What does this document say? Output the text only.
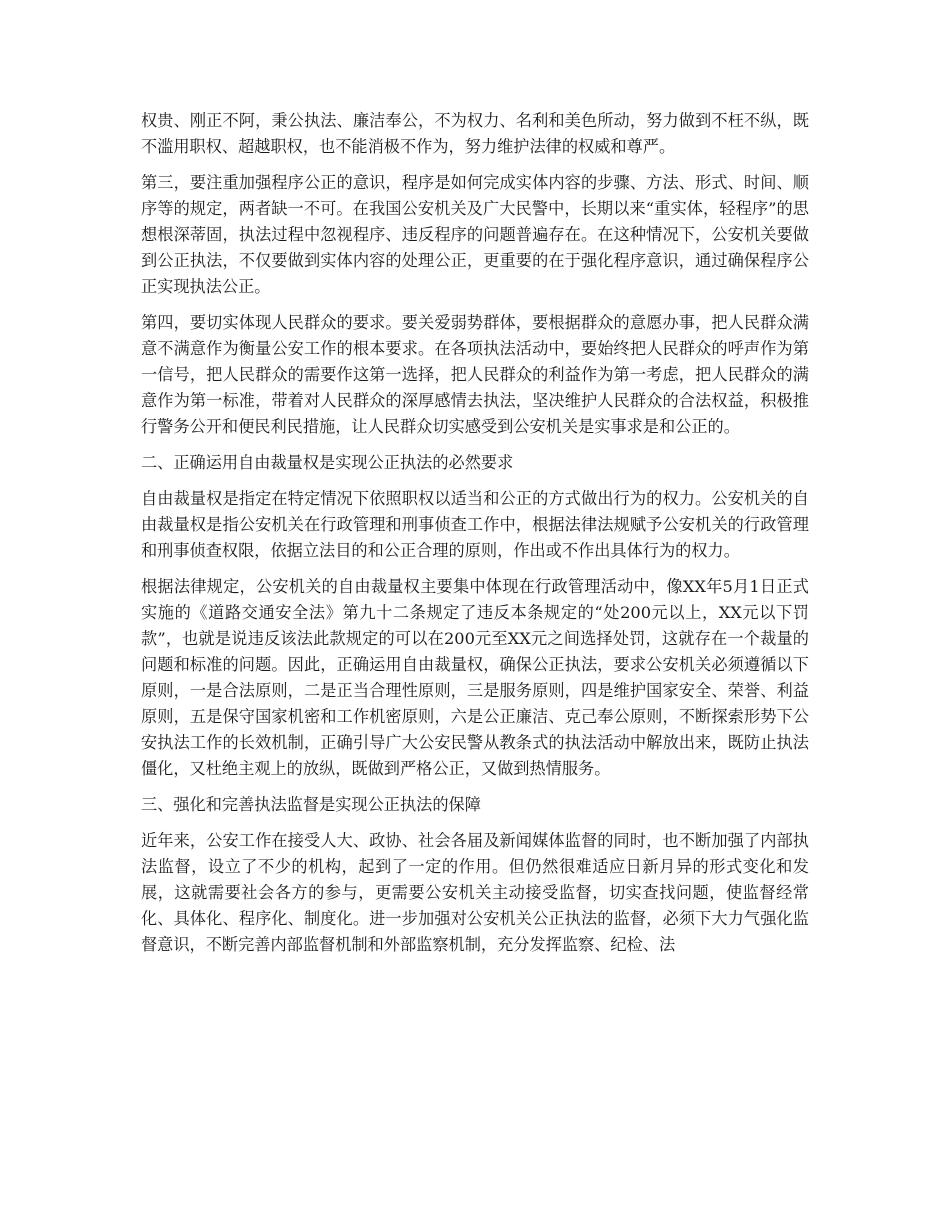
权贵、刚正不阿，秉公执法、廉洁奉公，不为权力、名利和美色所动，努力做到不枉不纵，既不滥用职权、超越职权，也不能消极不作为，努力维护法律的权威和尊严。

第三，要注重加强程序公正的意识，程序是如何完成实体内容的步骤、方法、形式、时间、顺序等的规定，两者缺一不可。在我国公安机关及广大民警中，长期以来“重实体，轻程序”的思想根深蒂固，执法过程中忽视程序、违反程序的问题普遍存在。在这种情况下，公安机关要做到公正执法，不仅要做到实体内容的处理公正，更重要的在于强化程序意识，通过确保程序公正实现执法公正。

第四，要切实体现人民群众的要求。要关爱弱势群体，要根据群众的意愿办事，把人民群众满意不满意作为衡量公安工作的根本要求。在各项执法活动中，要始终把人民群众的呼声作为第一信号，把人民群众的需要作这第一选择，把人民群众的利益作为第一考虑，把人民群众的满意作为第一标准，带着对人民群众的深厚感情去执法，坚决维护人民群众的合法权益，积极推行警务公开和便民利民措施，让人民群众切实感受到公安机关是实事求是和公正的。

二、正确运用自由裁量权是实现公正执法的必然要求

自由裁量权是指定在特定情况下依照职权以适当和公正的方式做出行为的权力。公安机关的自由裁量权是指公安机关在行政管理和刑事侦查工作中，根据法律法规赋予公安机关的行政管理和刑事侦查权限，依据立法目的和公正合理的原则，作出或不作出具体行为的权力。

根据法律规定，公安机关的自由裁量权主要集中体现在行政管理活动中，像XX年5月1日正式实施的《道路交通安全法》第九十二条规定了违反本条规定的“处200元以上，XX元以下罚款”，也就是说违反该法此款规定的可以在200元至XX元之间选择处罚，这就存在一个裁量的问题和标准的问题。因此，正确运用自由裁量权，确保公正执法，要求公安机关必须遵循以下原则，一是合法原则，二是正当合理性原则，三是服务原则，四是维护国家安全、荣誉、利益原则，五是保守国家机密和工作机密原则，六是公正廉洁、克己奉公原则，不断探索形势下公安执法工作的长效机制，正确引导广大公安民警从教条式的执法活动中解放出来，既防止执法僵化，又杜绝主观上的放纵，既做到严格公正，又做到热情服务。

三、强化和完善执法监督是实现公正执法的保障

近年来，公安工作在接受人大、政协、社会各届及新闻媒体监督的同时，也不断加强了内部执法监督，设立了不少的机构，起到了一定的作用。但仍然很难适应日新月异的形式变化和发展，这就需要社会各方的参与，更需要公安机关主动接受监督，切实查找问题，使监督经常化、具体化、程序化、制度化。进一步加强对公安机关公正执法的监督，必须下大力气强化监督意识，不断完善内部监督机制和外部监察机制，充分发挥监察、纪检、法
